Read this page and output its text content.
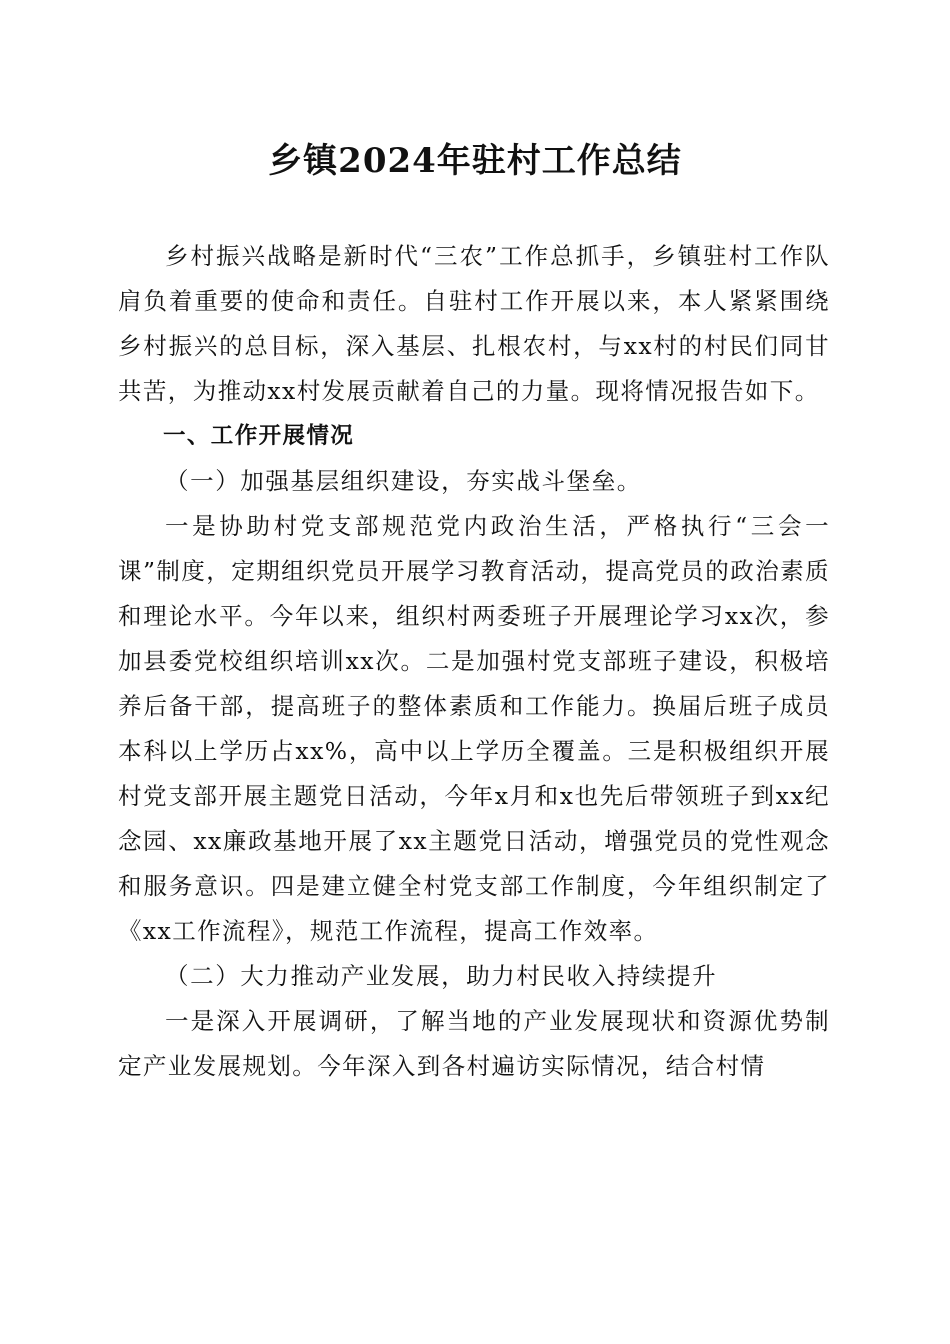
乡镇2024年驻村工作总结

乡村振兴战略是新时代“三农”工作总抓手，乡镇驻村工作队肩负着重要的使命和责任。自驻村工作开展以来，本人紧紧围绕乡村振兴的总目标，深入基层、扎根农村，与xx村的村民们同甘共苦，为推动xx村发展贡献着自己的力量。现将情况报告如下。

一、工作开展情况

（一）加强基层组织建设，夯实战斗堡垒。

一是协助村党支部规范党内政治生活，严格执行“三会一课”制度，定期组织党员开展学习教育活动，提高党员的政治素质和理论水平。今年以来，组织村两委班子开展理论学习xx次，参加县委党校组织培训xx次。二是加强村党支部班子建设，积极培养后备干部，提高班子的整体素质和工作能力。换届后班子成员本科以上学历占xx%，高中以上学历全覆盖。三是积极组织开展村党支部开展主题党日活动，今年x月和x也先后带领班子到xx纪念园、xx廉政基地开展了xx主题党日活动，增强党员的党性观念和服务意识。四是建立健全村党支部工作制度，今年组织制定了《xx工作流程》，规范工作流程，提高工作效率。

（二）大力推动产业发展，助力村民收入持续提升

一是深入开展调研，了解当地的产业发展现状和资源优势制定产业发展规划。今年深入到各村遍访实际情况，结合村情
